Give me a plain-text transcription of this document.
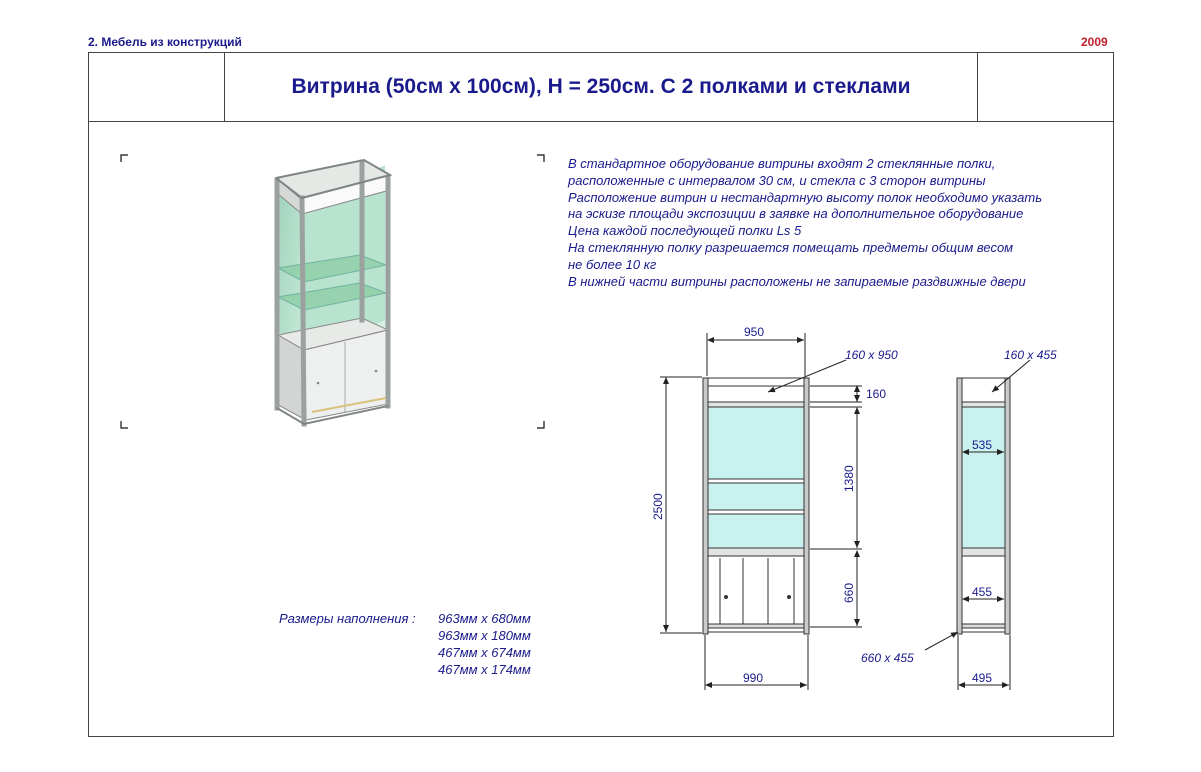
2. Мебель из конструкций	2009
Витрина (50см x 100см), H = 250см. С 2 полками и стеклами
В стандартное оборудование витрины входят 2 стеклянные полки,
расположенные с интервалом 30 см, и стекла с 3 сторон витрины
Расположение витрин и нестандартную высоту полок необходимо указать
на эскизе площади экспозиции в заявке на дополнительное оборудование
Цена каждой последующей полки Ls 5
На стеклянную полку разрешается помещать предметы общим весом
не более 10 кг
В нижней части витрины расположены не запираемые раздвижные двери
Размеры наполнения : 963мм x 680мм
963мм x 180мм
467мм x 674мм
467мм x 174мм
950
160 x 950
160
1380
2500
660
990
160 x 455
535
455
660 x 455
495
